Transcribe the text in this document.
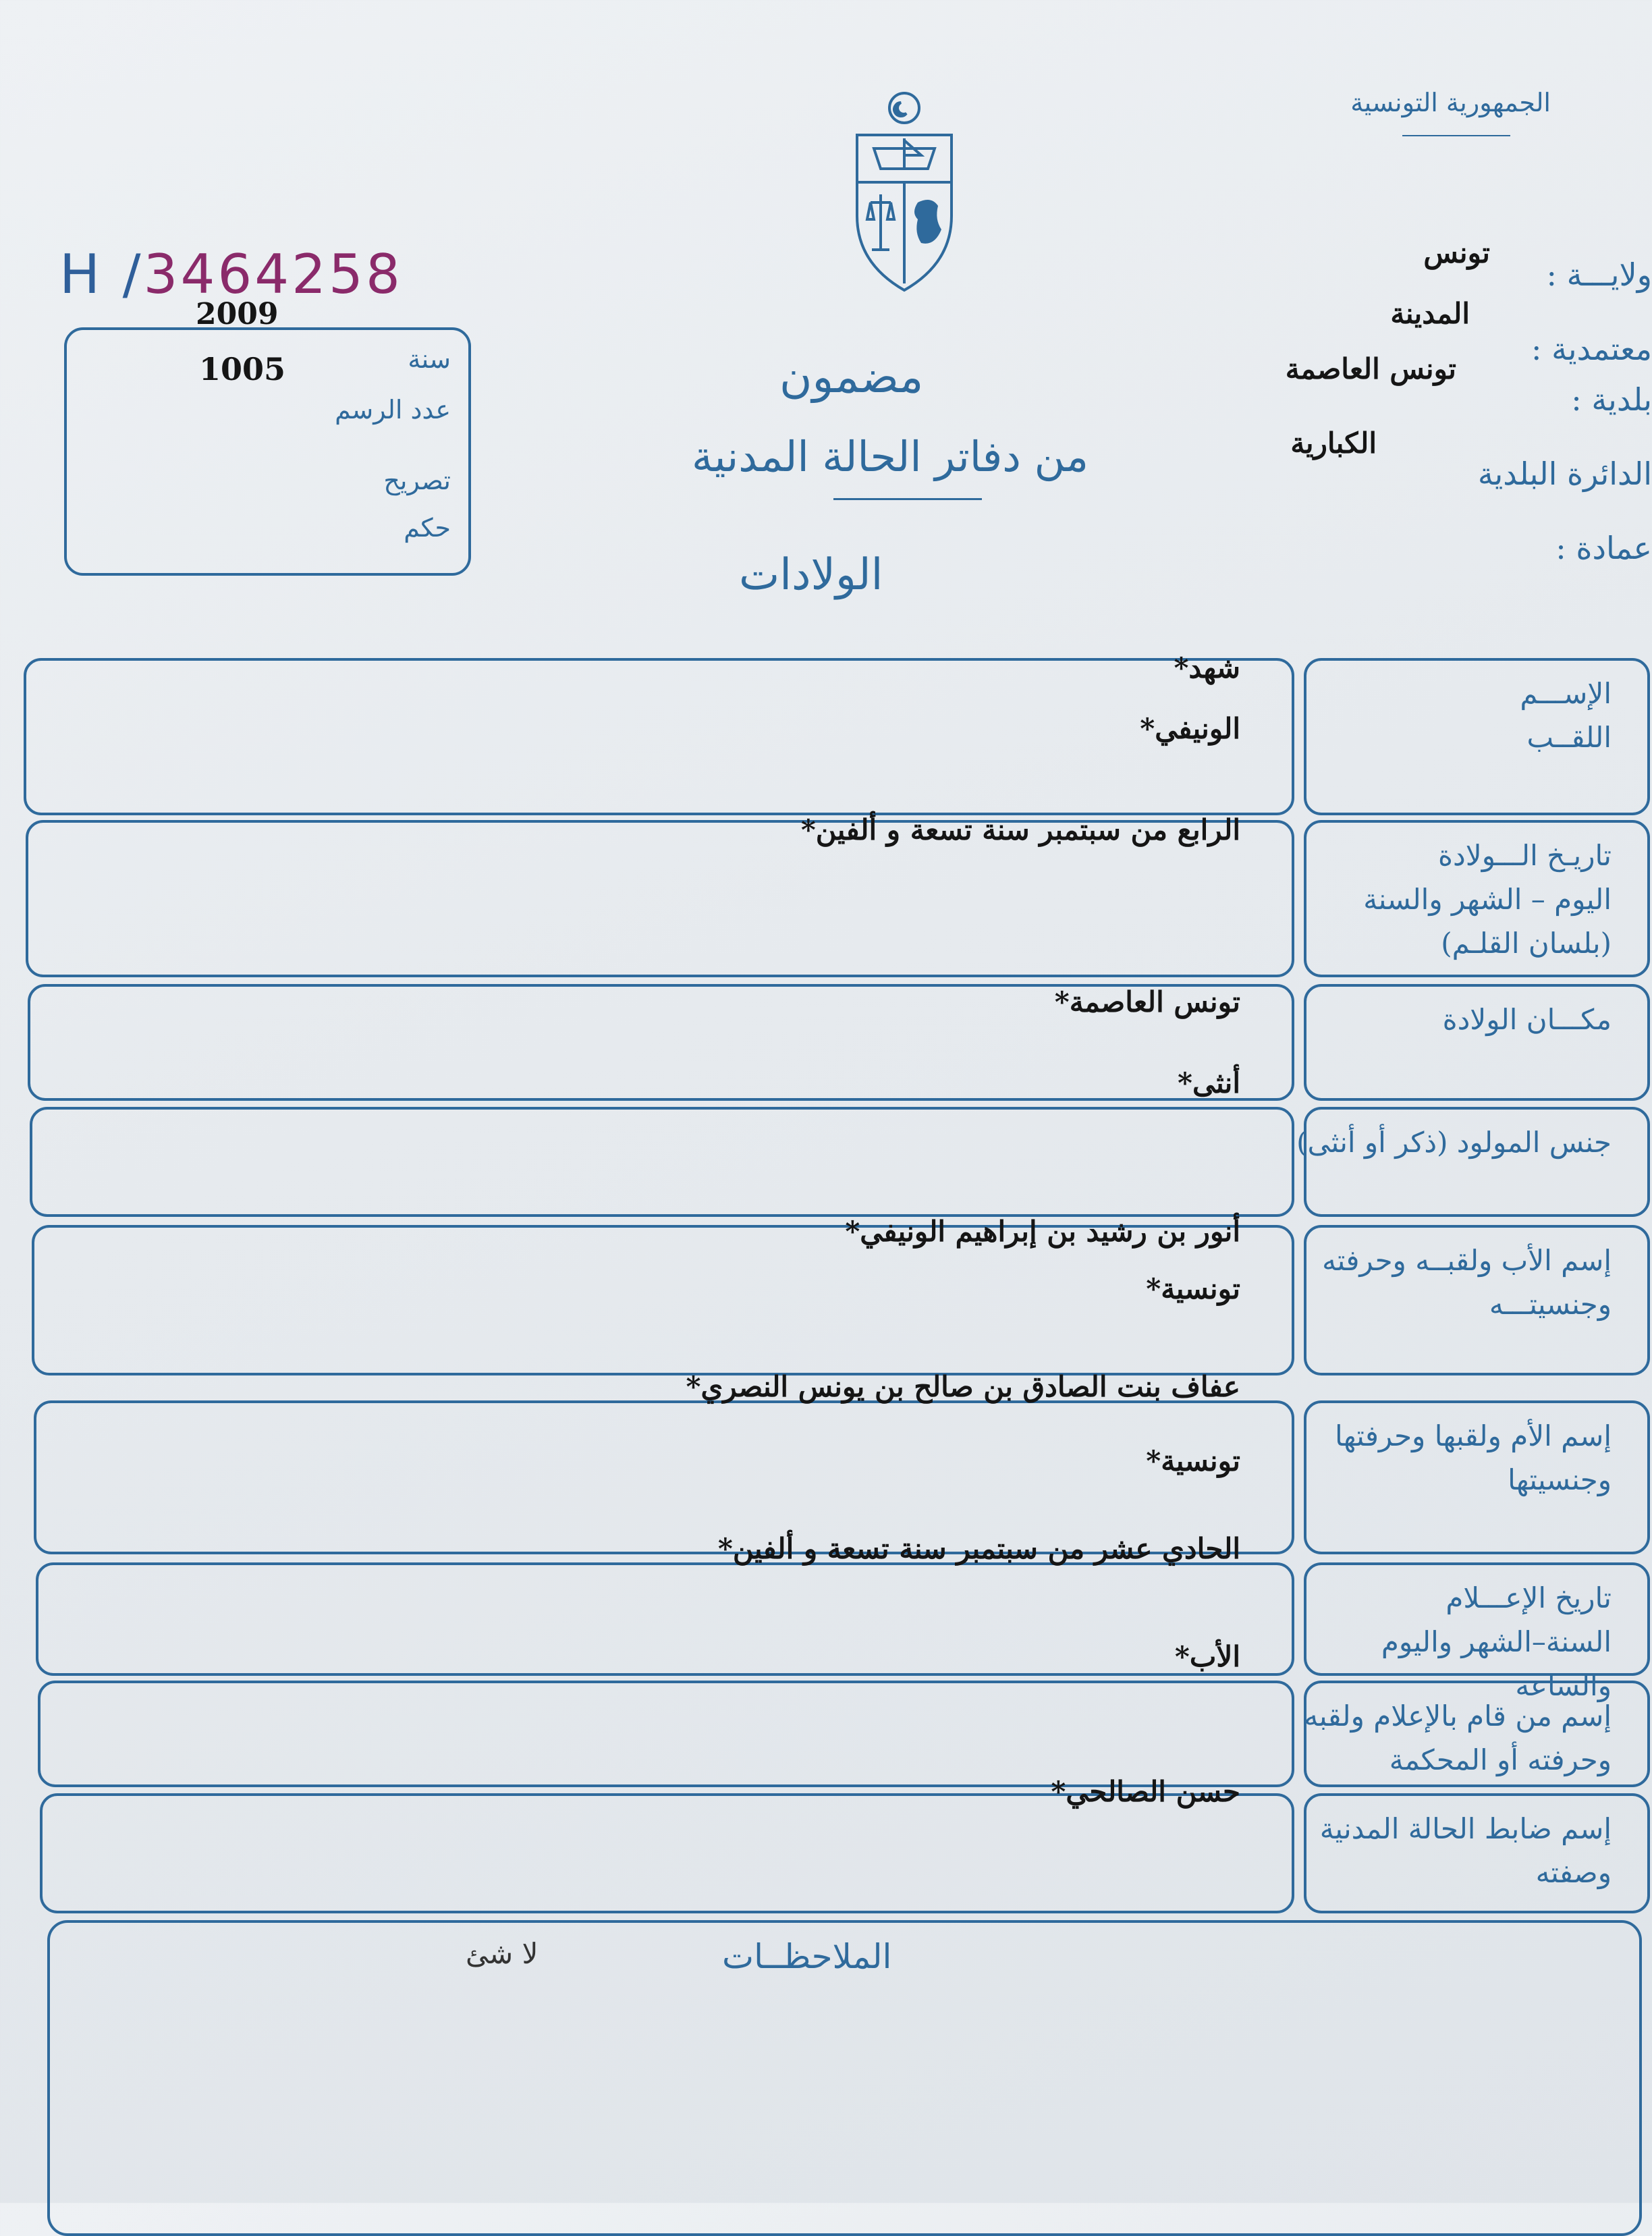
الجمهورية التونسية
ولايـــة :
معتمدية :
بلدية :
الدائرة البلدية
عمادة :
تونس
المدينة
تونس العاصمة
الكبارية
مضمون
من دفاتر الحالة المدنية
الولادات
H /3464258
2009
1005	سنة
عدد الرسم
تصريح
حكم
الإســـم
اللقــب
شهد*
الونيفي*
تاريـخ الـــولادة
اليوم – الشهر والسنة
(بلسان القلـم)
الرابع من سبتمبر سنة تسعة و ألفين*
مكـــان الولادة
تونس العاصمة*
جنس المولود (ذكر أو أنثى)
أنثى*
إسم الأب ولقبــه وحرفته
وجنسيتـــه
أنور بن رشيد بن إبراهيم الونيفي*
تونسية*
إسم الأم ولقبها وحرفتها
وجنسيتها
عفاف بنت الصادق بن صالح بن يونس النصري*
تونسية*
تاريخ الإعـــلام
السنة–الشهر واليوم والساعة
الحادي عشر من سبتمبر سنة تسعة و ألفين*
إسم من قام بالإعلام ولقبه
وحرفته أو المحكمة
الأب*
إسم ضابط الحالة المدنية
وصفته
حسن الصالحي*
الملاحظــات
لا شئ
